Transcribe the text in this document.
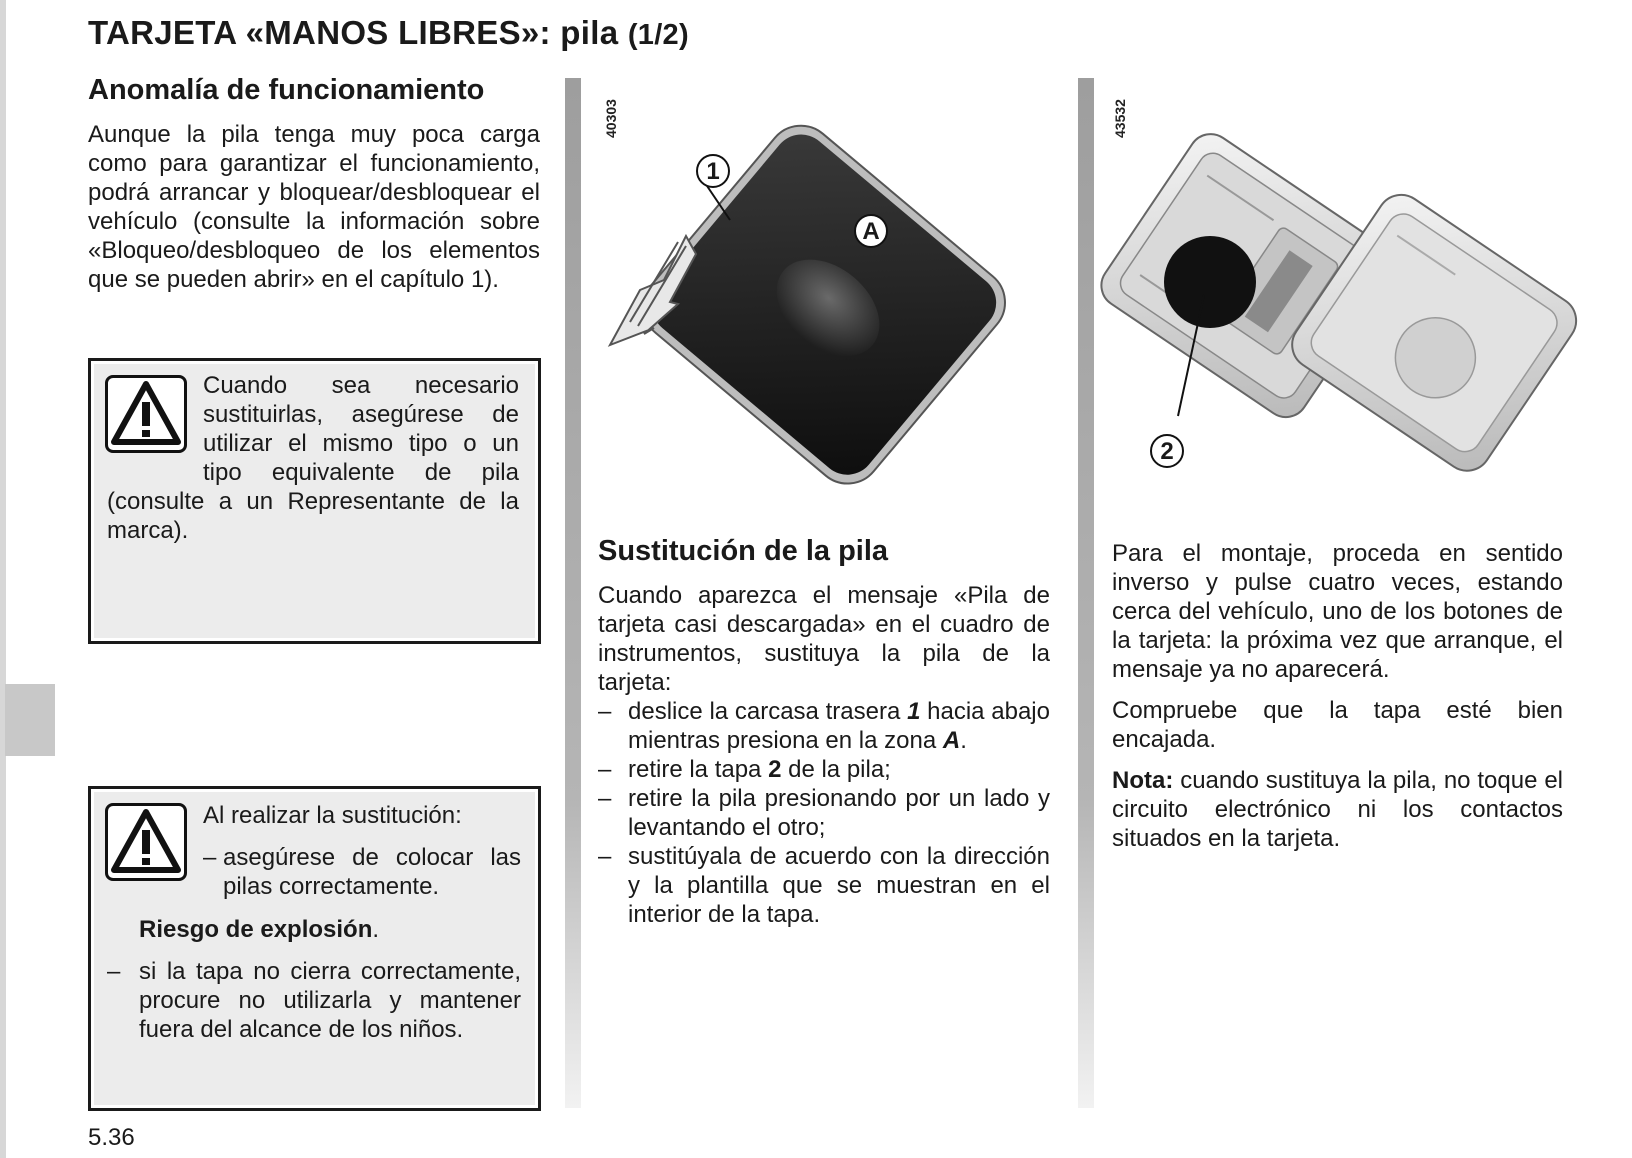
TARJETA «MANOS LIBRES»: pila (1/2)
Anomalía de funcionamiento

Aunque la pila tenga muy poca carga como para garantizar el funcionamiento, podrá arrancar y bloquear/desbloquear el vehículo (consulte la información sobre «Bloqueo/desbloqueo de los elementos que se pueden abrir» en el capítulo 1).

Cuando sea necesario sustituirlas, asegúrese de utilizar el mismo tipo o un tipo equivalente de pila (consulte a un Representante de la marca).
Al realizar la sustitución:
– asegúrese de colocar las pilas correctamente.
Riesgo de explosión.
– si la tapa no cierra correctamente, procure no utilizarla y mantener fuera del alcance de los niños.
40303
1
A
Sustitución de la pila

Cuando aparezca el mensaje «Pila de tarjeta casi descargada» en el cuadro de instrumentos, sustituya la pila de la tarjeta:

– deslice la carcasa trasera 1 hacia abajo mientras presiona en la zona A.
– retire la tapa 2 de la pila;
– retire la pila presionando por un lado y levantando el otro;
– sustitúyala de acuerdo con la dirección y la plantilla que se muestran en el interior de la tapa.
43532
2

Para el montaje, proceda en sentido inverso y pulse cuatro veces, estando cerca del vehículo, uno de los botones de la tarjeta: la próxima vez que arranque, el mensaje ya no aparecerá.

Compruebe que la tapa esté bien encajada.

Nota: cuando sustituya la pila, no toque el circuito electrónico ni los contactos situados en la tarjeta.

5.36
